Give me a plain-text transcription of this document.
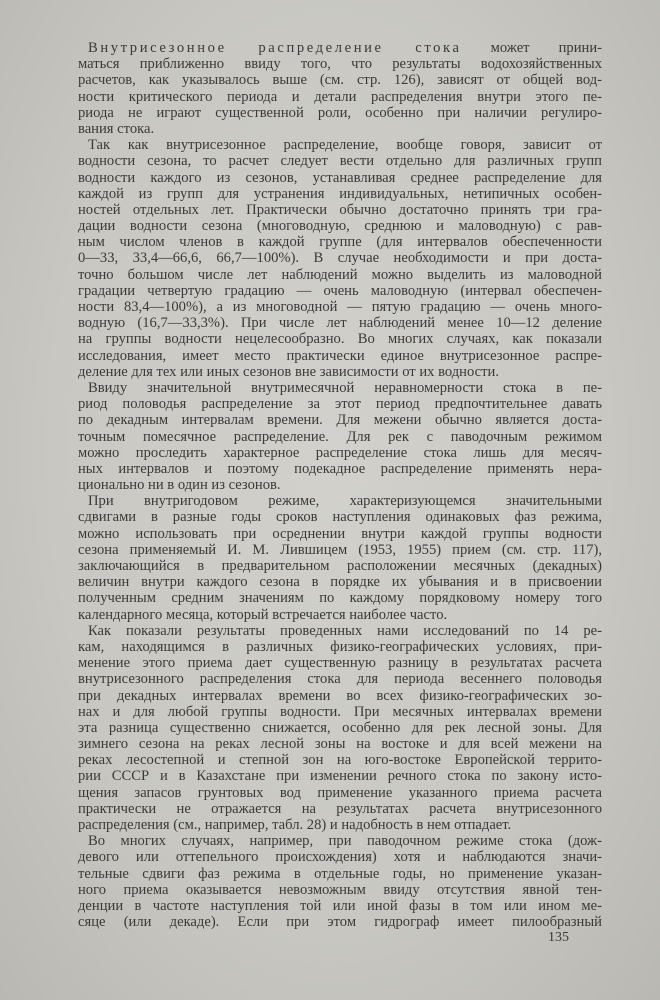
Внутрисезонное распределение стока может прини-
маться приближенно ввиду того, что результаты водохозяйственных
расчетов, как указывалось выше (см. стр. 126), зависят от общей вод-
ности критического периода и детали распределения внутри этого пе-
риода не играют существенной роли, особенно при наличии регулиро-
вания стока.
Так как внутрисезонное распределение, вообще говоря, зависит от
водности сезона, то расчет следует вести отдельно для различных групп
водности каждого из сезонов, устанавливая среднее распределение для
каждой из групп для устранения индивидуальных, нетипичных особен-
ностей отдельных лет. Практически обычно достаточно принять три гра-
дации водности сезона (многоводную, среднюю и маловодную) с рав-
ным числом членов в каждой группе (для интервалов обеспеченности
0—33, 33,4—66,6, 66,7—100%). В случае необходимости и при доста-
точно большом числе лет наблюдений можно выделить из маловодной
градации четвертую градацию — очень маловодную (интервал обеспечен-
ности 83,4—100%), а из многоводной — пятую градацию — очень много-
водную (16,7—33,3%). При числе лет наблюдений менее 10—12 деление
на группы водности нецелесообразно. Во многих случаях, как показали
исследования, имеет место практически единое внутрисезонное распре-
деление для тех или иных сезонов вне зависимости от их водности.
Ввиду значительной внутримесячной неравномерности стока в пе-
риод половодья распределение за этот период предпочтительнее давать
по декадным интервалам времени. Для межени обычно является доста-
точным помесячное распределение. Для рек с паводочным режимом
можно проследить характерное распределение стока лишь для месяч-
ных интервалов и поэтому подекадное распределение применять нера-
ционально ни в один из сезонов.
При внутригодовом режиме, характеризующемся значительными
сдвигами в разные годы сроков наступления одинаковых фаз режима,
можно использовать при осреднении внутри каждой группы водности
сезона применяемый И. М. Лившицем (1953, 1955) прием (см. стр. 117),
заключающийся в предварительном расположении месячных (декадных)
величин внутри каждого сезона в порядке их убывания и в присвоении
полученным средним значениям по каждому порядковому номеру того
календарного месяца, который встречается наиболее часто.
Как показали результаты проведенных нами исследований по 14 ре-
кам, находящимся в различных физико-географических условиях, при-
менение этого приема дает существенную разницу в результатах расчета
внутрисезонного распределения стока для периода весеннего половодья
при декадных интервалах времени во всех физико-географических зо-
нах и для любой группы водности. При месячных интервалах времени
эта разница существенно снижается, особенно для рек лесной зоны. Для
зимнего сезона на реках лесной зоны на востоке и для всей межени на
реках лесостепной и степной зон на юго-востоке Европейской террито-
рии СССР и в Казахстане при изменении речного стока по закону исто-
щения запасов грунтовых вод применение указанного приема расчета
практически не отражается на результатах расчета внутрисезонного
распределения (см., например, табл. 28) и надобность в нем отпадает.
Во многих случаях, например, при паводочном режиме стока (дож-
девого или оттепельного происхождения) хотя и наблюдаются значи-
тельные сдвиги фаз режима в отдельные годы, но применение указан-
ного приема оказывается невозможным ввиду отсутствия явной тен-
денции в частоте наступления той или иной фазы в том или ином ме-
сяце (или декаде). Если при этом гидрограф имеет пилообразный
135
